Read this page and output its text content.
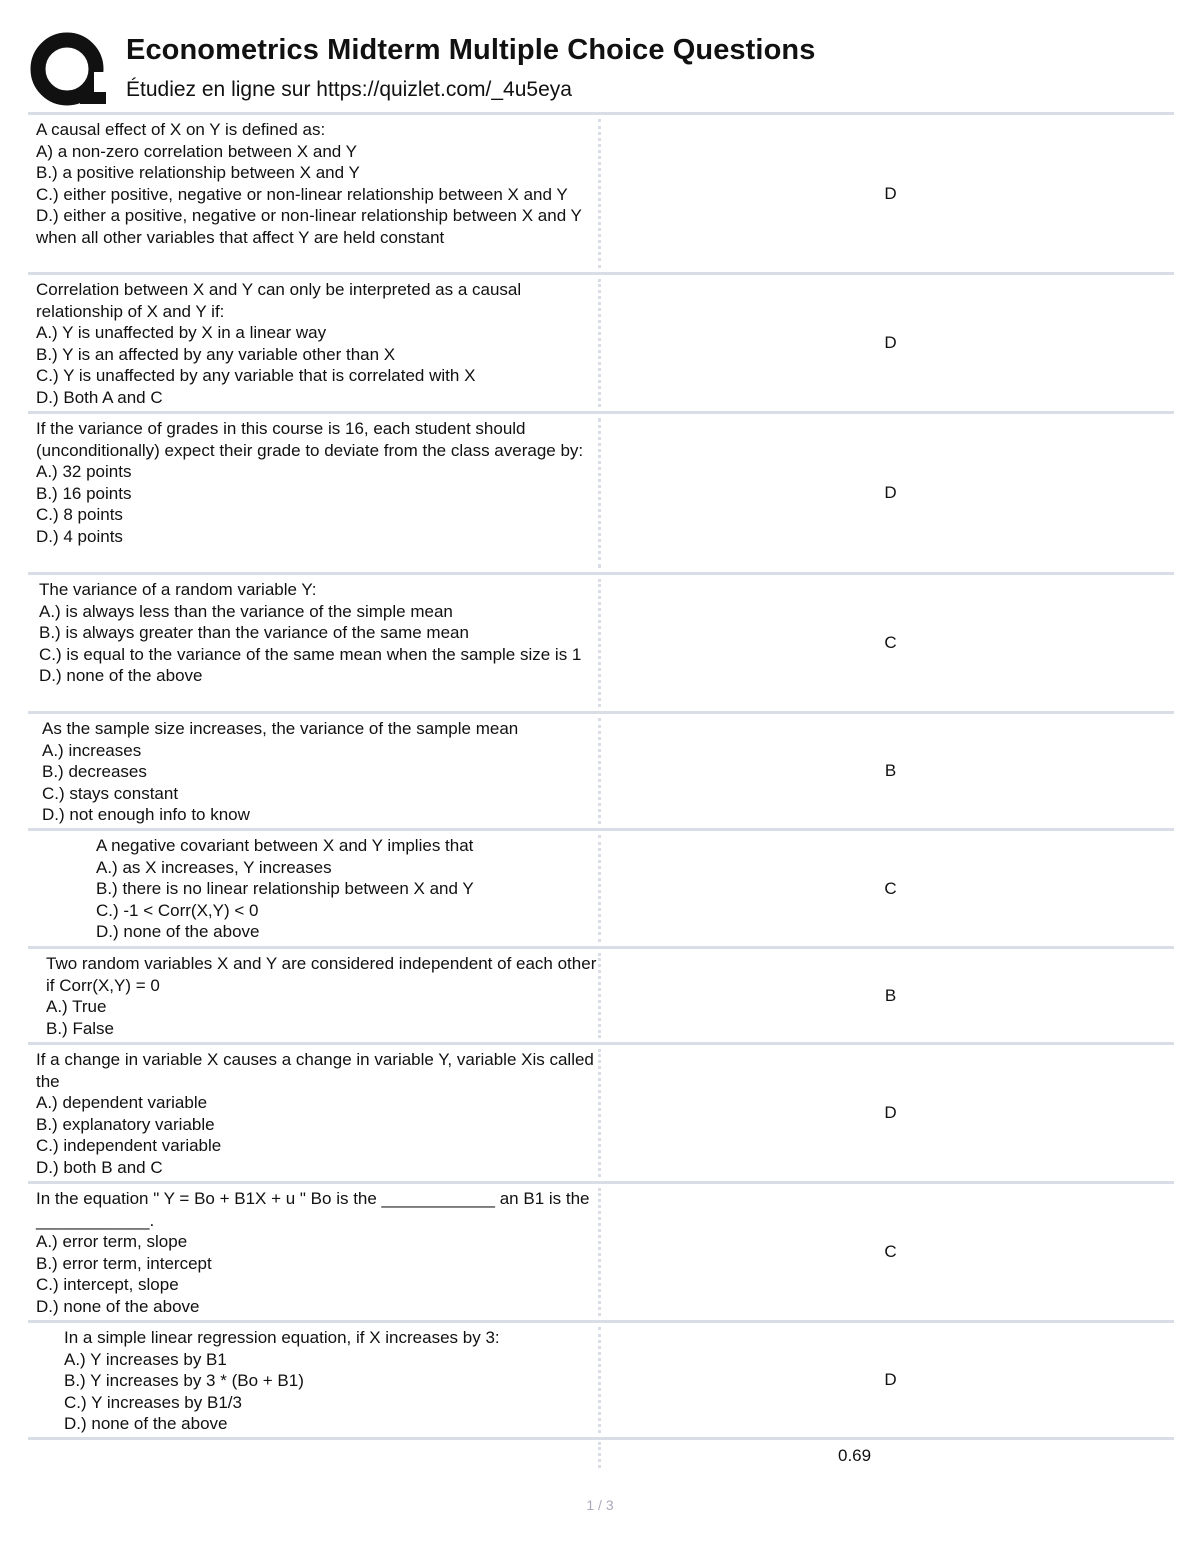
Econometrics Midterm Multiple Choice Questions
Étudiez en ligne sur https://quizlet.com/_4u5eya
A causal effect of X on Y is defined as:
A) a non-zero correlation between X and Y
B.) a positive relationship between X and Y
C.) either positive, negative or non-linear relationship between X and Y
D.) either a positive, negative or non-linear relationship between X and Y when all other variables that affect Y are held constant
D
Correlation between X and Y can only be interpreted as a causal relationship of X and Y if:
A.) Y is unaffected by X in a linear way
B.) Y is an affected by any variable other than X
C.) Y is unaffected by any variable that is correlated with X
D.) Both A and C
D
If the variance of grades in this course is 16, each student should (unconditionally) expect their grade to deviate from the class average by:
A.) 32 points
B.) 16 points
C.) 8 points
D.) 4 points
D
The variance of a random variable Y:
A.) is always less than the variance of the simple mean
B.) is always greater than the variance of the same mean
C.) is equal to the variance of the same mean when the sample size is 1
D.) none of the above
C
As the sample size increases, the variance of the sample mean
A.) increases
B.) decreases
C.) stays constant
D.) not enough info to know
B
A negative covariant between X and Y implies that
A.) as X increases, Y increases
B.) there is no linear relationship between X and Y
C.) -1 < Corr(X,Y) < 0
D.) none of the above
C
Two random variables X and Y are considered independent of each other if Corr(X,Y) = 0
A.) True
B.) False
B
If a change in variable X causes a change in variable Y, variable Xis called the
A.) dependent variable
B.) explanatory variable
C.) independent variable
D.) both B and C
D
In the equation " Y = Bo + B1X + u " Bo is the ____________ an B1 is the ____________.
A.) error term, slope
B.) error term, intercept
C.) intercept, slope
D.) none of the above
C
In a simple linear regression equation, if X increases by 3:
A.) Y increases by B1
B.) Y increases by 3 * (Bo + B1)
C.) Y increases by B1/3
D.) none of the above
D
0.69
1 / 3
